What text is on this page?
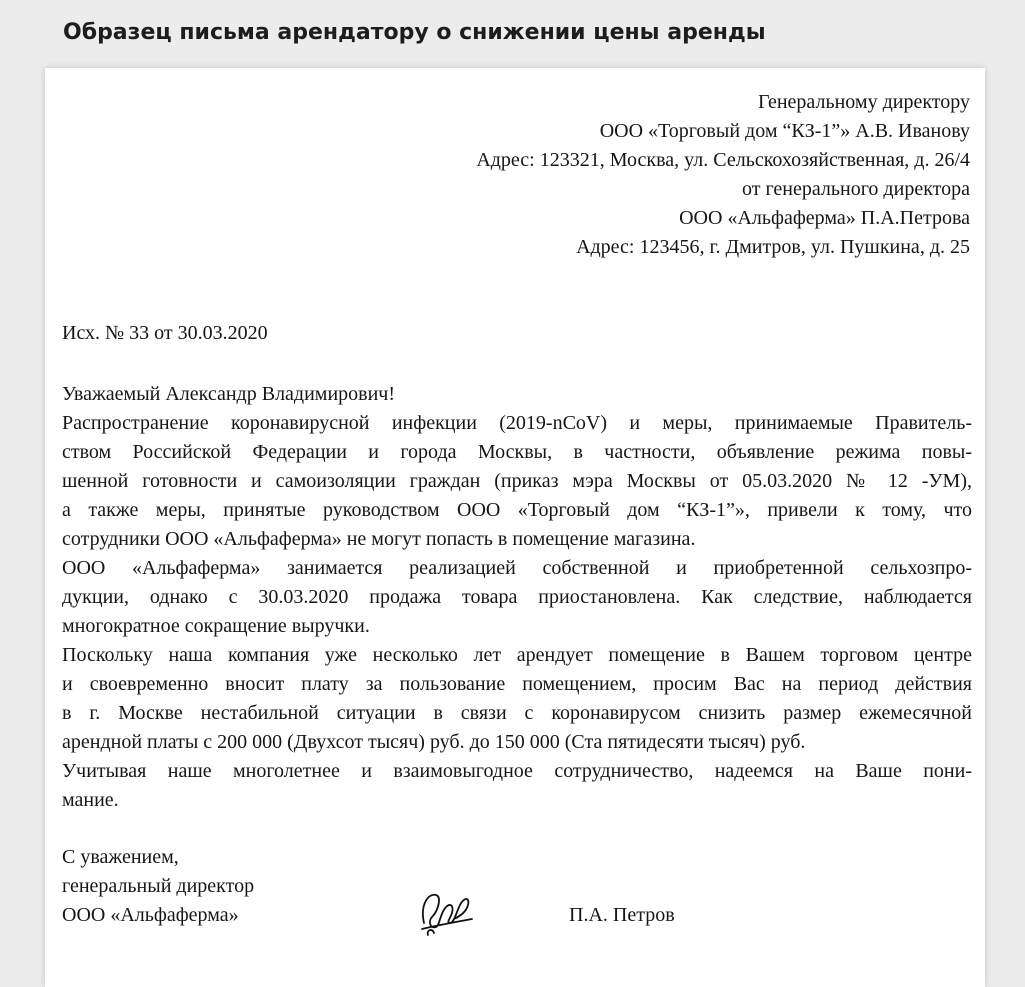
Образец письма арендатору о снижении цены аренды
Генеральному директору
ООО «Торговый дом “КЗ-1”» А.В. Иванову
Адрес: 123321, Москва, ул. Сельскохозяйственная, д. 26/4
от генерального директора
ООО «Альфаферма» П.А.Петрова
Адрес: 123456, г. Дмитров, ул. Пушкина, д. 25
Исх. № 33 от 30.03.2020
Уважаемый Александр Владимирович!
Распространение коронавирусной инфекции (2019-nCoV) и меры, принимаемые Правитель-
ством Российской Федерации и города Москвы, в частности, объявление режима повы-
шенной готовности и самоизоляции граждан (приказ мэра Москвы от 05.03.2020 № 12 -УМ),
а также меры, принятые руководством ООО «Торговый дом “КЗ-1”», привели к тому, что
сотрудники ООО «Альфаферма» не могут попасть в помещение магазина.
ООО «Альфаферма» занимается реализацией собственной и приобретенной сельхозпро-
дукции, однако с 30.03.2020 продажа товара приостановлена. Как следствие, наблюдается
многократное сокращение выручки.
Поскольку наша компания уже несколько лет арендует помещение в Вашем торговом центре
и своевременно вносит плату за пользование помещением, просим Вас на период действия
в г. Москве нестабильной ситуации в связи с коронавирусом снизить размер ежемесячной
арендной платы с 200 000 (Двухсот тысяч) руб. до 150 000 (Ста пятидесяти тысяч) руб.
Учитывая наше многолетнее и взаимовыгодное сотрудничество, надеемся на Ваше пони-
мание.
С уважением,
генеральный директор
ООО «Альфаферма»	П.А. Петров
